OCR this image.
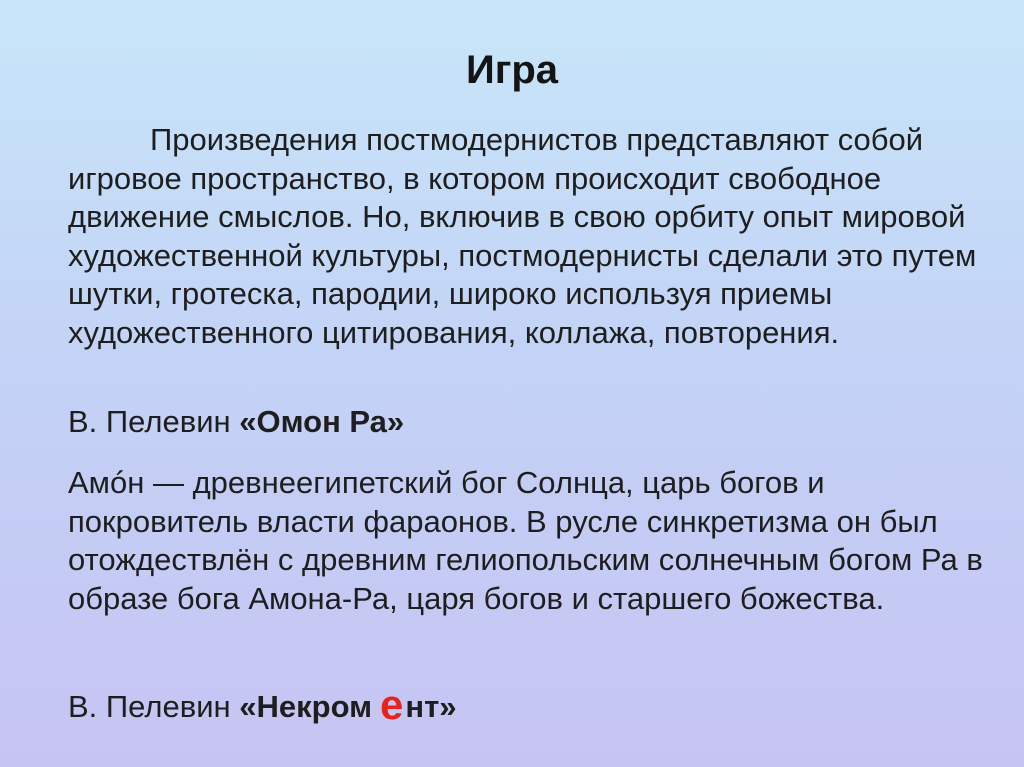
Игра
Произведения постмодернистов представляют собой игровое пространство, в котором происходит свободное движение смыслов. Но, включив в свою орбиту опыт мировой художественной культуры, постмодернисты сделали это путем шутки, гротеска, пародии, широко используя приемы художественного цитирования, коллажа, повторения.
В. Пелевин «Омон Ра»
Амóн — древнеегипетский бог Солнца, царь богов и покровитель власти фараонов. В русле синкретизма он был отождествлён с древним гелиопольским солнечным богом Ра в образе бога Амона-Ра, царя богов и старшего божества.
В. Пелевин «Некром ент»
